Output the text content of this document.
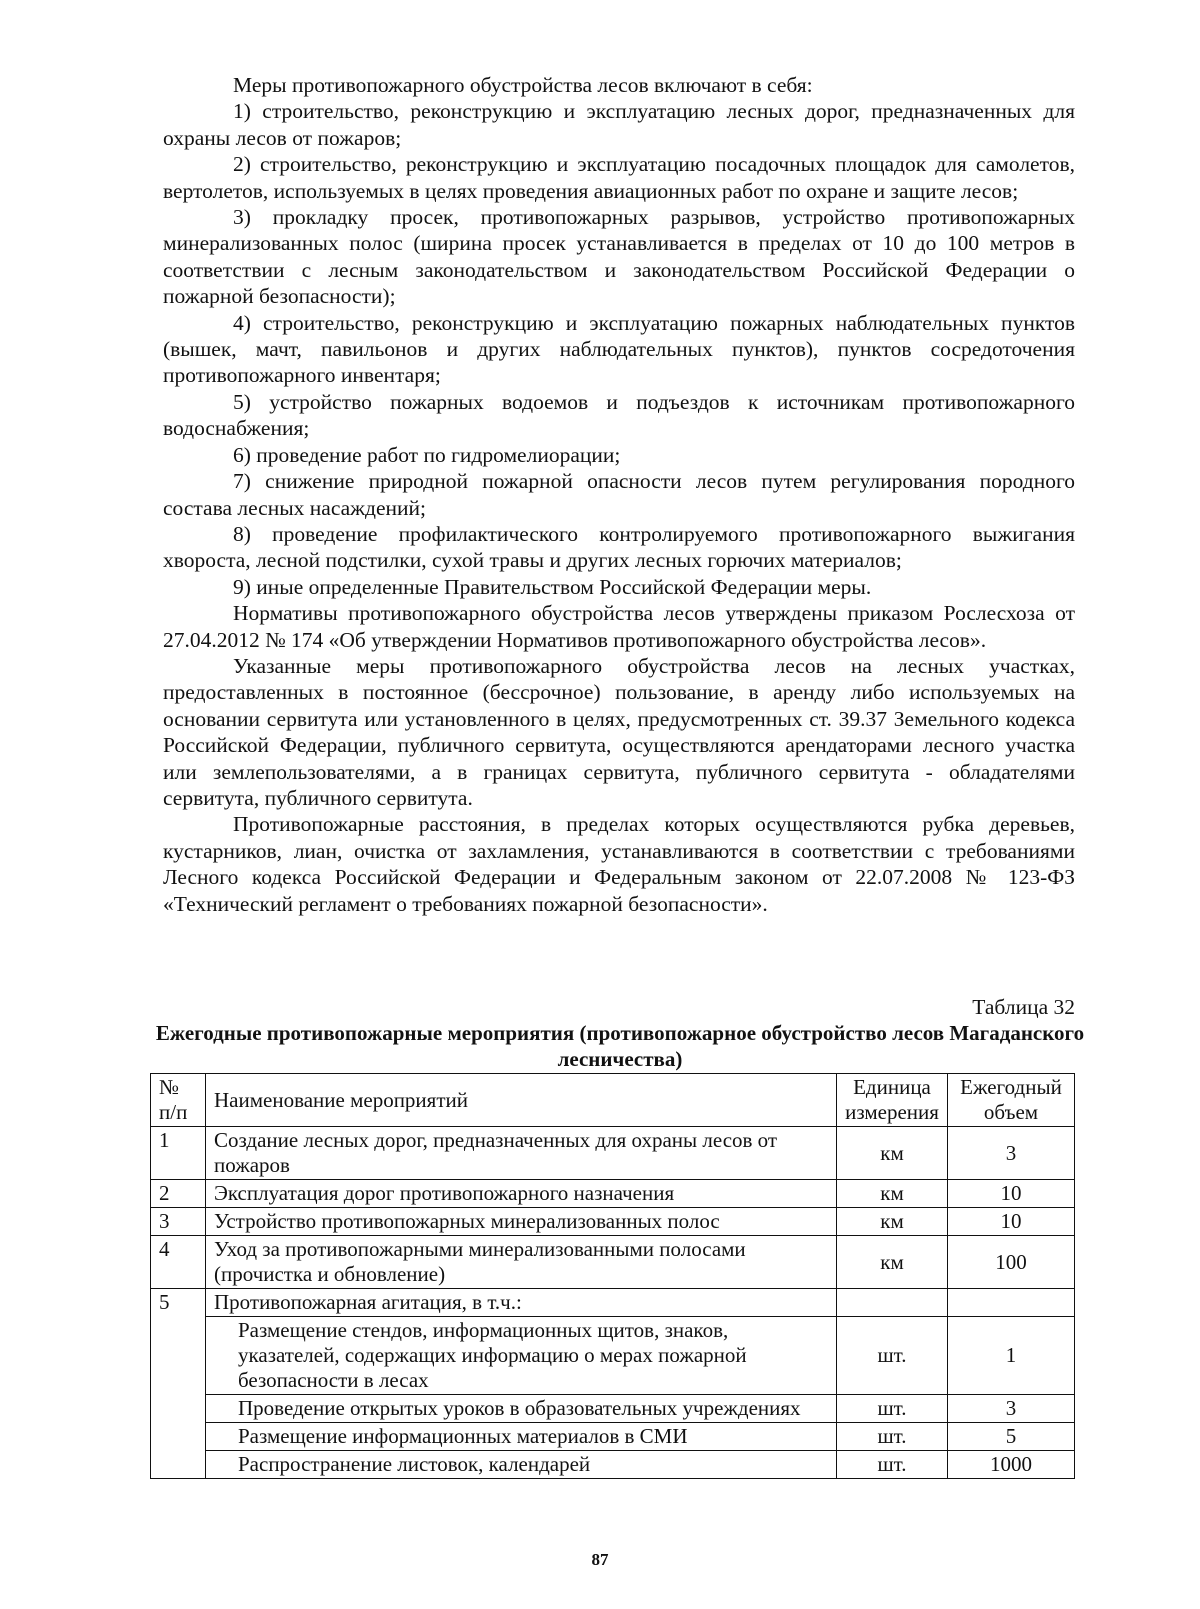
Меры противопожарного обустройства лесов включают в себя:

1) строительство, реконструкцию и эксплуатацию лесных дорог, предназначенных для охраны лесов от пожаров;

2) строительство, реконструкцию и эксплуатацию посадочных площадок для самолетов, вертолетов, используемых в целях проведения авиационных работ по охране и защите лесов;

3) прокладку просек, противопожарных разрывов, устройство противопожарных минерализованных полос (ширина просек устанавливается в пределах от 10 до 100 метров в соответствии с лесным законодательством и законодательством Российской Федерации о пожарной безопасности);

4) строительство, реконструкцию и эксплуатацию пожарных наблюдательных пунктов (вышек, мачт, павильонов и других наблюдательных пунктов), пунктов сосредоточения противопожарного инвентаря;

5) устройство пожарных водоемов и подъездов к источникам противопожарного водоснабжения;

6) проведение работ по гидромелиорации;

7) снижение природной пожарной опасности лесов путем регулирования породного состава лесных насаждений;

8) проведение профилактического контролируемого противопожарного выжигания хвороста, лесной подстилки, сухой травы и других лесных горючих материалов;

9) иные определенные Правительством Российской Федерации меры.

Нормативы противопожарного обустройства лесов утверждены приказом Рослесхоза от 27.04.2012 № 174 «Об утверждении Нормативов противопожарного обустройства лесов».

Указанные меры противопожарного обустройства лесов на лесных участках, предоставленных в постоянное (бессрочное) пользование, в аренду либо используемых на основании сервитута или установленного в целях, предусмотренных ст. 39.37 Земельного кодекса Российской Федерации, публичного сервитута, осуществляются арендаторами лесного участка или землепользователями, а в границах сервитута, публичного сервитута - обладателями сервитута, публичного сервитута.

Противопожарные расстояния, в пределах которых осуществляются рубка деревьев, кустарников, лиан, очистка от захламления, устанавливаются в соответствии с требованиями Лесного кодекса Российской Федерации и Федеральным законом от 22.07.2008 № 123-ФЗ «Технический регламент о требованиях пожарной безопасности».

Таблица 32
Ежегодные противопожарные мероприятия (противопожарное обустройство лесов Магаданского лесничества)
№ п/п	Наименование мероприятий	Единица измерения	Ежегодный объем
1	Создание лесных дорог, предназначенных для охраны лесов от пожаров	км	3
2	Эксплуатация дорог противопожарного назначения	км	10
3	Устройство противопожарных минерализованных полос	км	10
4	Уход за противопожарными минерализованными полосами (прочистка и обновление)	км	100
5	Противопожарная агитация, в т.ч.:		
	Размещение стендов, информационных щитов, знаков, указателей, содержащих информацию о мерах пожарной безопасности в лесах	шт.	1
	Проведение открытых уроков в образовательных учреждениях	шт.	3
	Размещение информационных материалов в СМИ	шт.	5
	Распространение листовок, календарей	шт.	1000
87
